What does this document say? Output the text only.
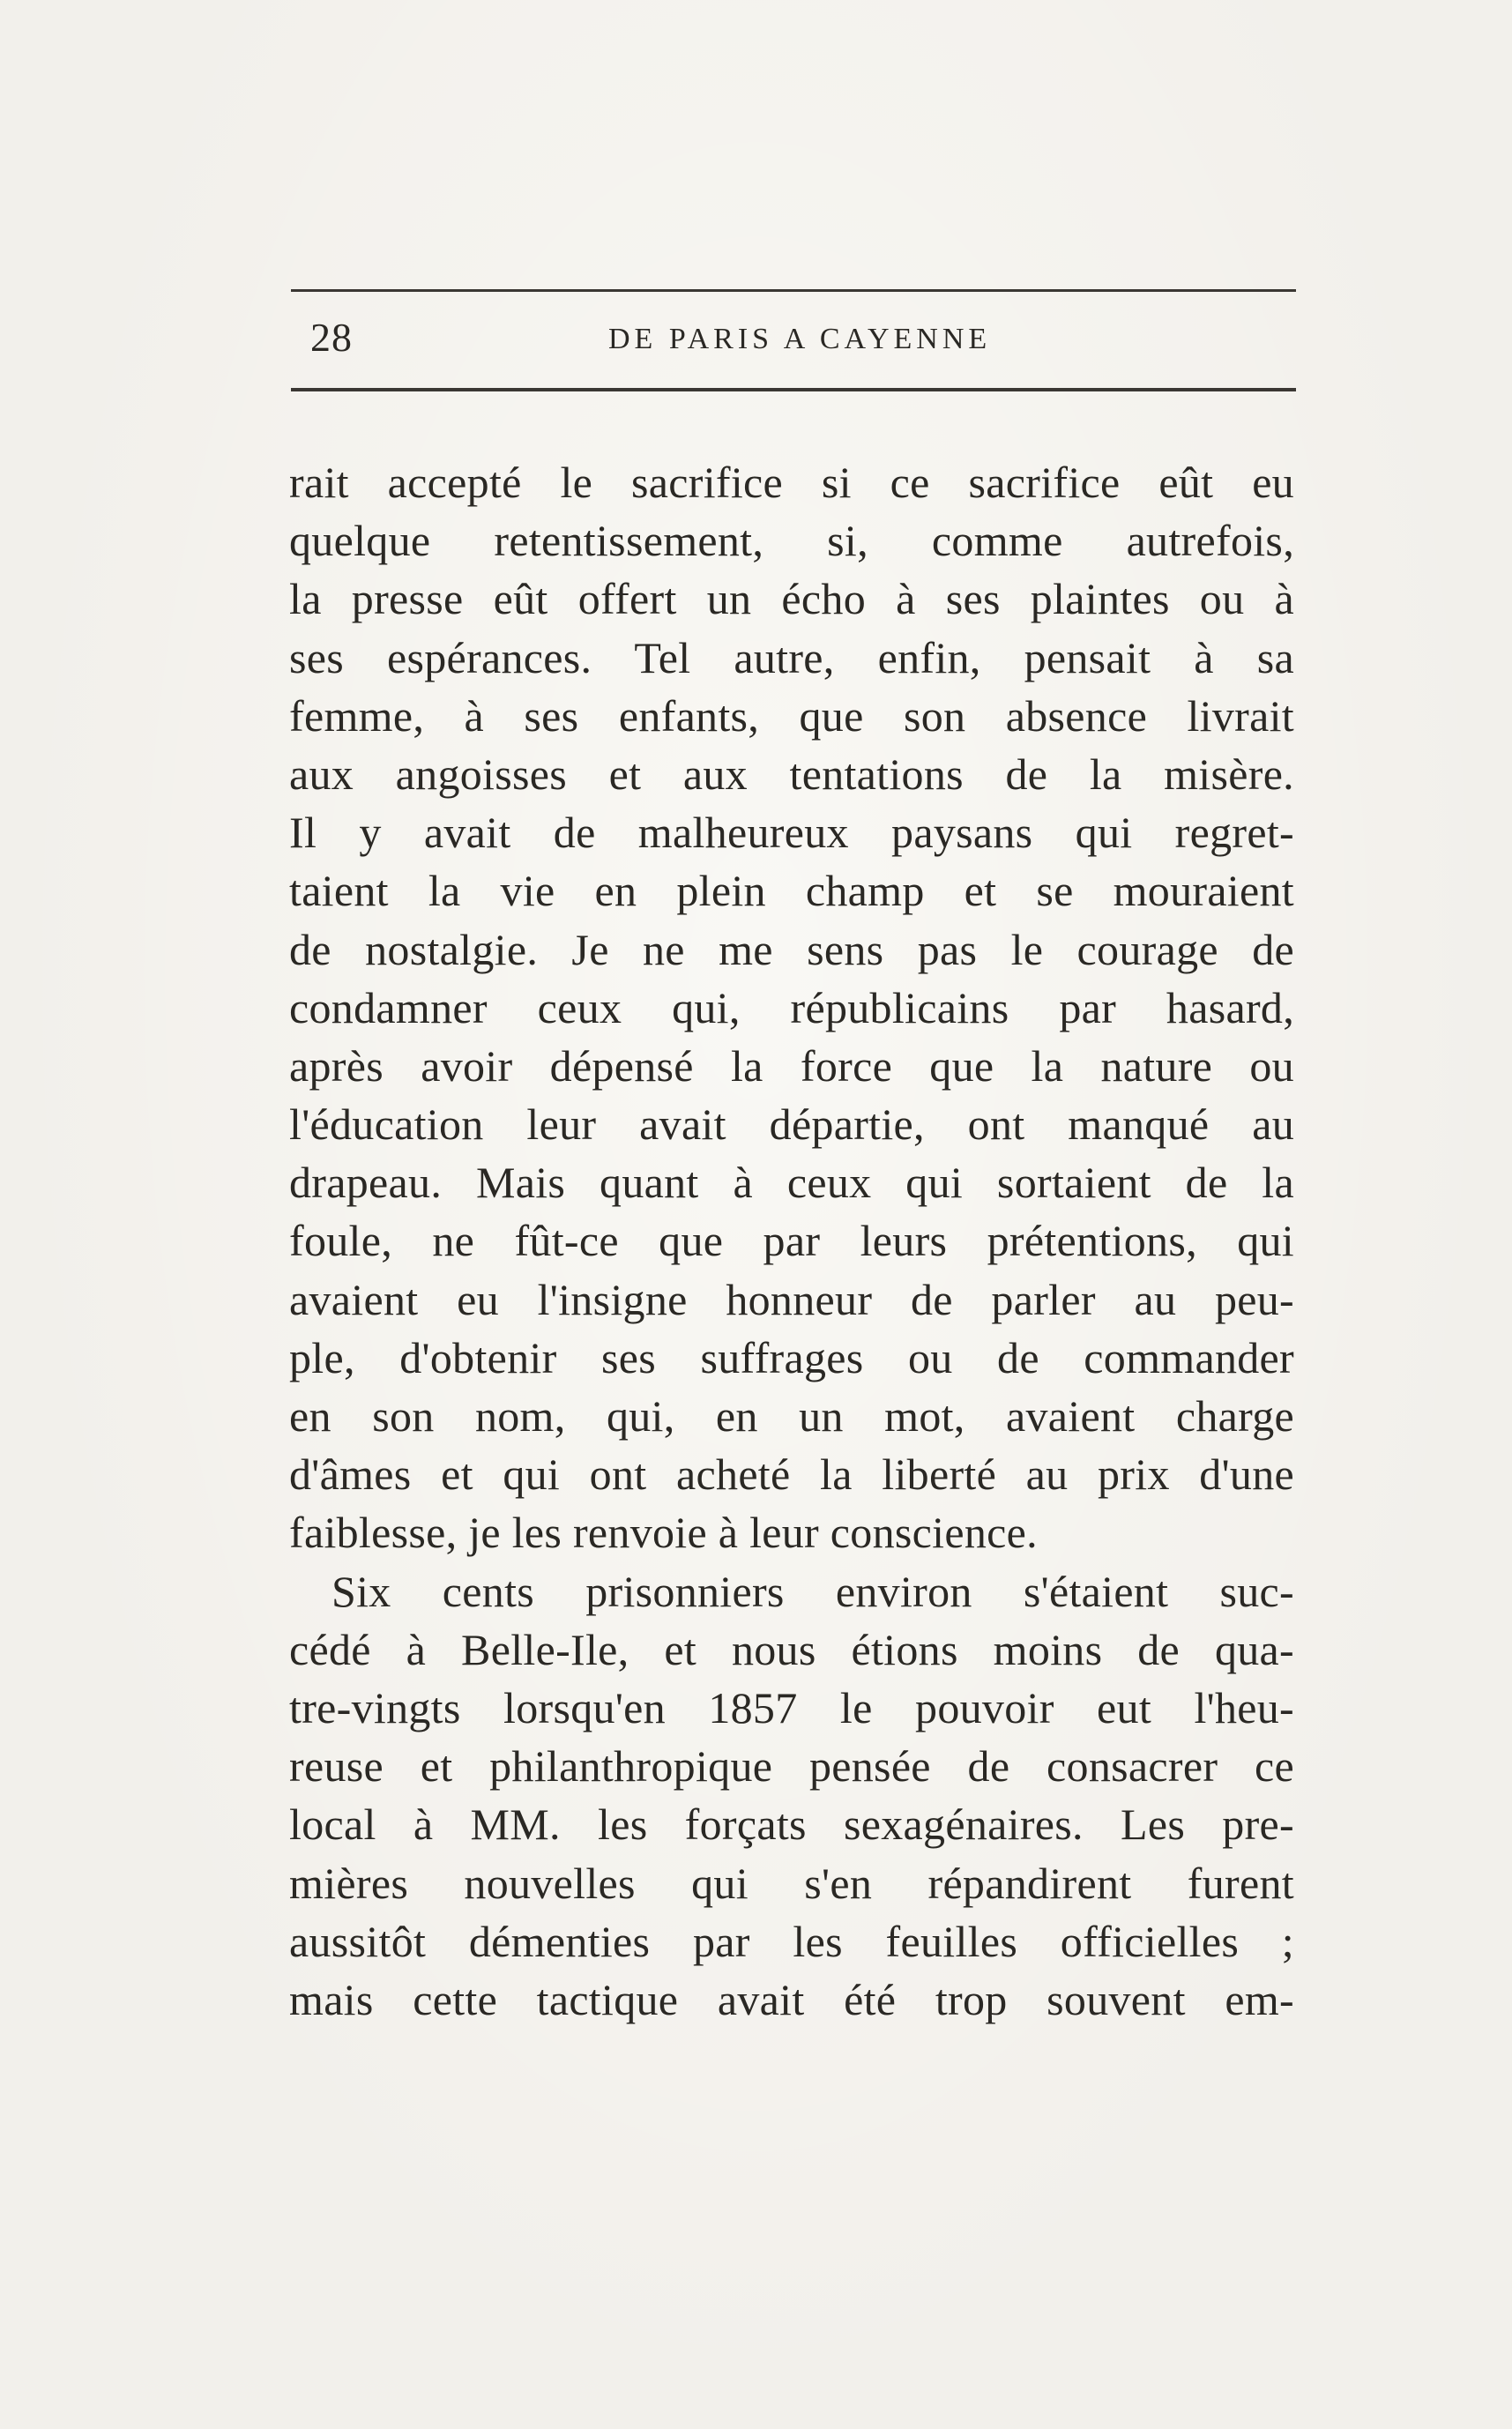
28	DE PARIS A CAYENNE
rait accepté le sacrifice si ce sacrifice eût eu
quelque retentissement, si, comme autrefois,
la presse eût offert un écho à ses plaintes ou à
ses espérances. Tel autre, enfin, pensait à sa
femme, à ses enfants, que son absence livrait
aux angoisses et aux tentations de la misère.
Il y avait de malheureux paysans qui regret-
taient la vie en plein champ et se mouraient
de nostalgie. Je ne me sens pas le courage de
condamner ceux qui, républicains par hasard,
après avoir dépensé la force que la nature ou
l'éducation leur avait départie, ont manqué au
drapeau. Mais quant à ceux qui sortaient de la
foule, ne fût-ce que par leurs prétentions, qui
avaient eu l'insigne honneur de parler au peu-
ple, d'obtenir ses suffrages ou de commander
en son nom, qui, en un mot, avaient charge
d'âmes et qui ont acheté la liberté au prix d'une
faiblesse, je les renvoie à leur conscience.
Six cents prisonniers environ s'étaient suc-
cédé à Belle-Ile, et nous étions moins de qua-
tre-vingts lorsqu'en 1857 le pouvoir eut l'heu-
reuse et philanthropique pensée de consacrer ce
local à MM. les forçats sexagénaires. Les pre-
mières nouvelles qui s'en répandirent furent
aussitôt démenties par les feuilles officielles ;
mais cette tactique avait été trop souvent em-
